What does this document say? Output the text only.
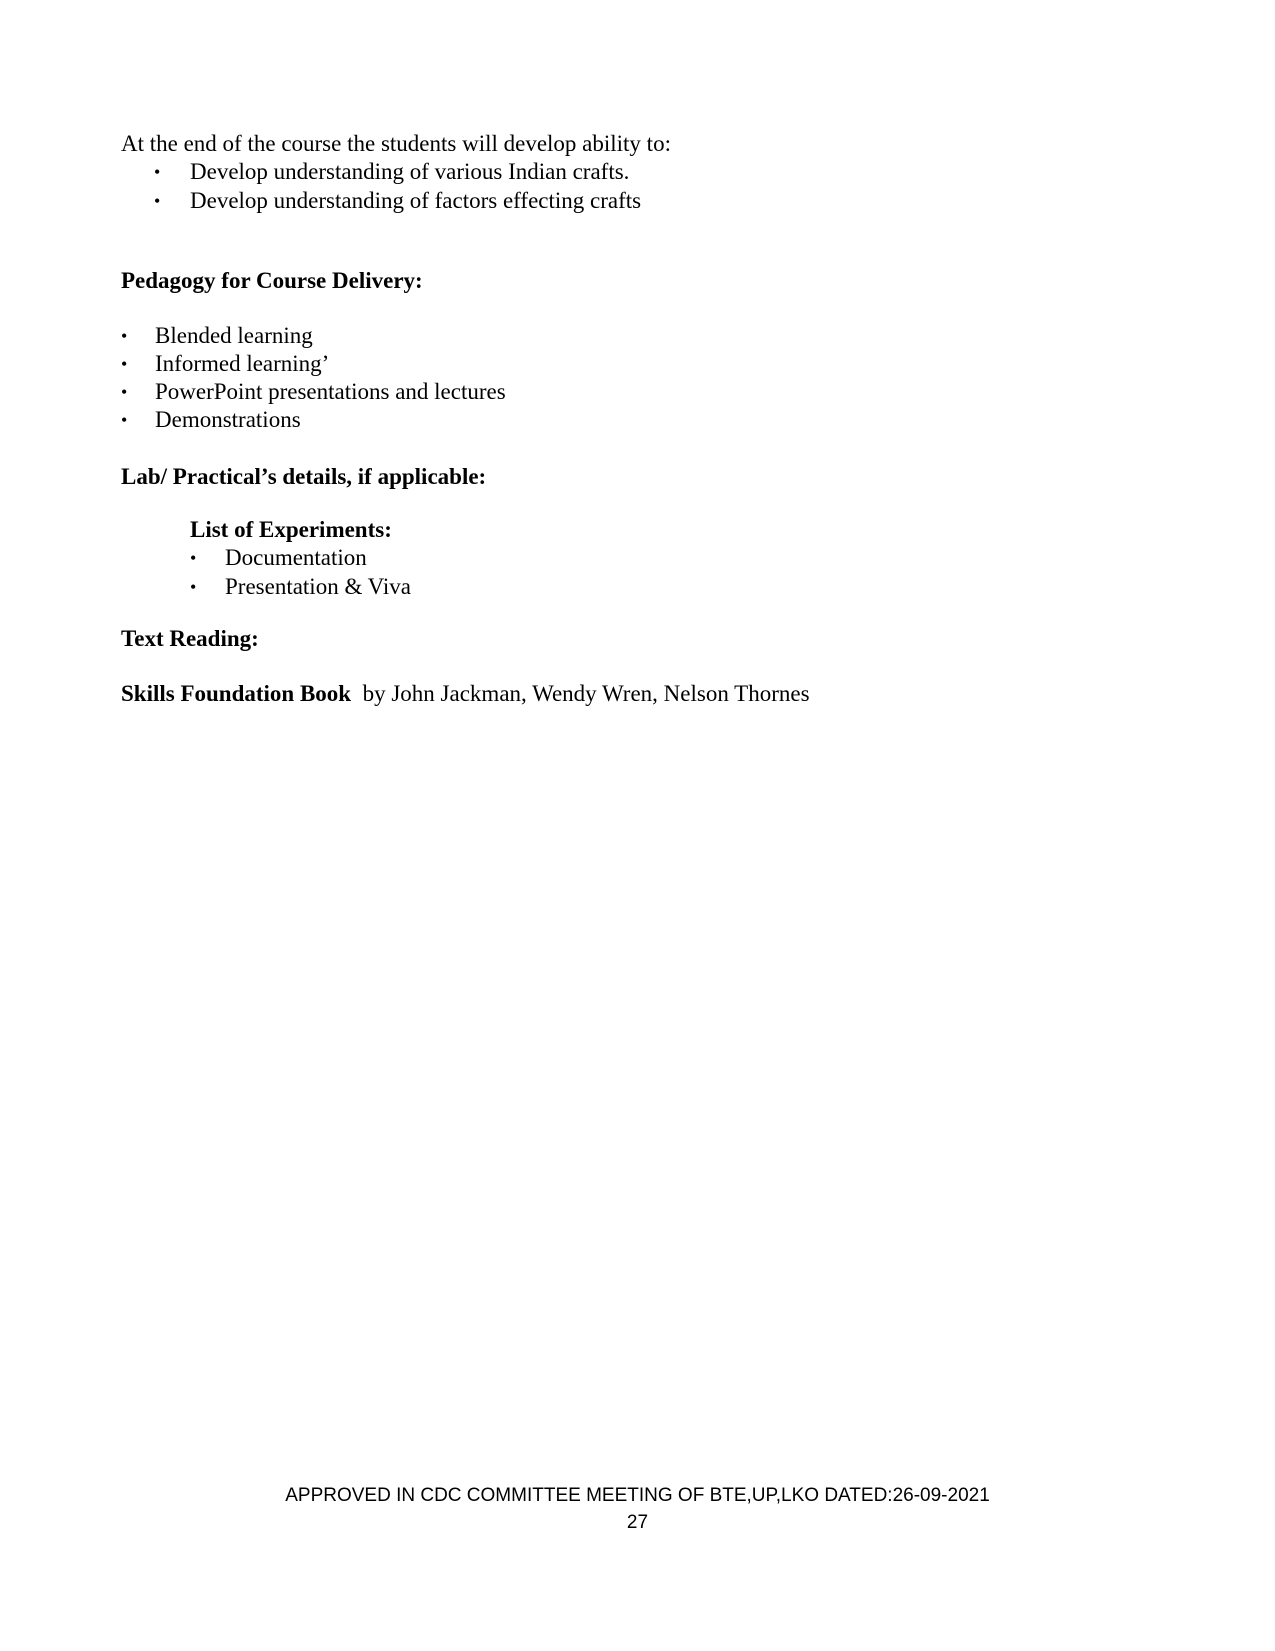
At the end of the course the students will develop ability to:
• Develop understanding of various Indian crafts.
• Develop understanding of factors effecting crafts
Pedagogy for Course Delivery:
• Blended learning
• Informed learning’
• PowerPoint presentations and lectures
• Demonstrations
Lab/ Practical’s details, if applicable:
List of Experiments:
• Documentation
• Presentation & Viva
Text Reading:
Skills Foundation Book by John Jackman, Wendy Wren, Nelson Thornes
APPROVED IN CDC COMMITTEE MEETING OF BTE,UP,LKO DATED:26-09-2021
27
